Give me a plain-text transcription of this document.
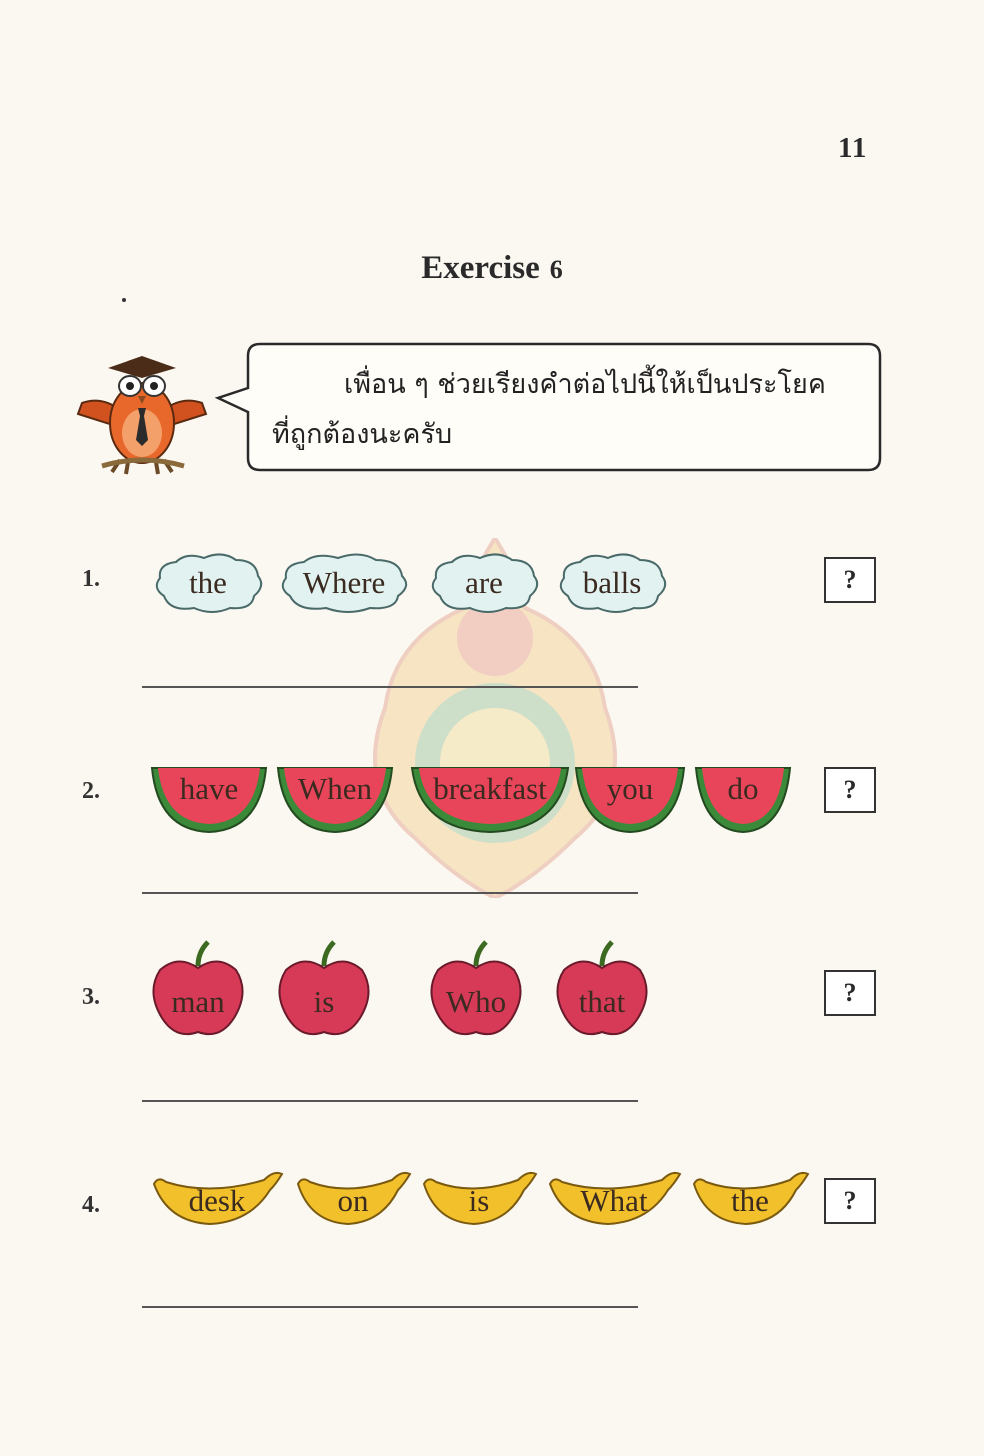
11
Exercise 6
เพื่อน ๆ ช่วยเรียงคำต่อไปนี้ให้เป็นประโยค
ที่ถูกต้องนะครับ
1.	the	Where	are	balls	?
2.	have	When	breakfast	you	do	?
3.	man	is	Who	that	?
4.	desk	on	is	What	the	?
